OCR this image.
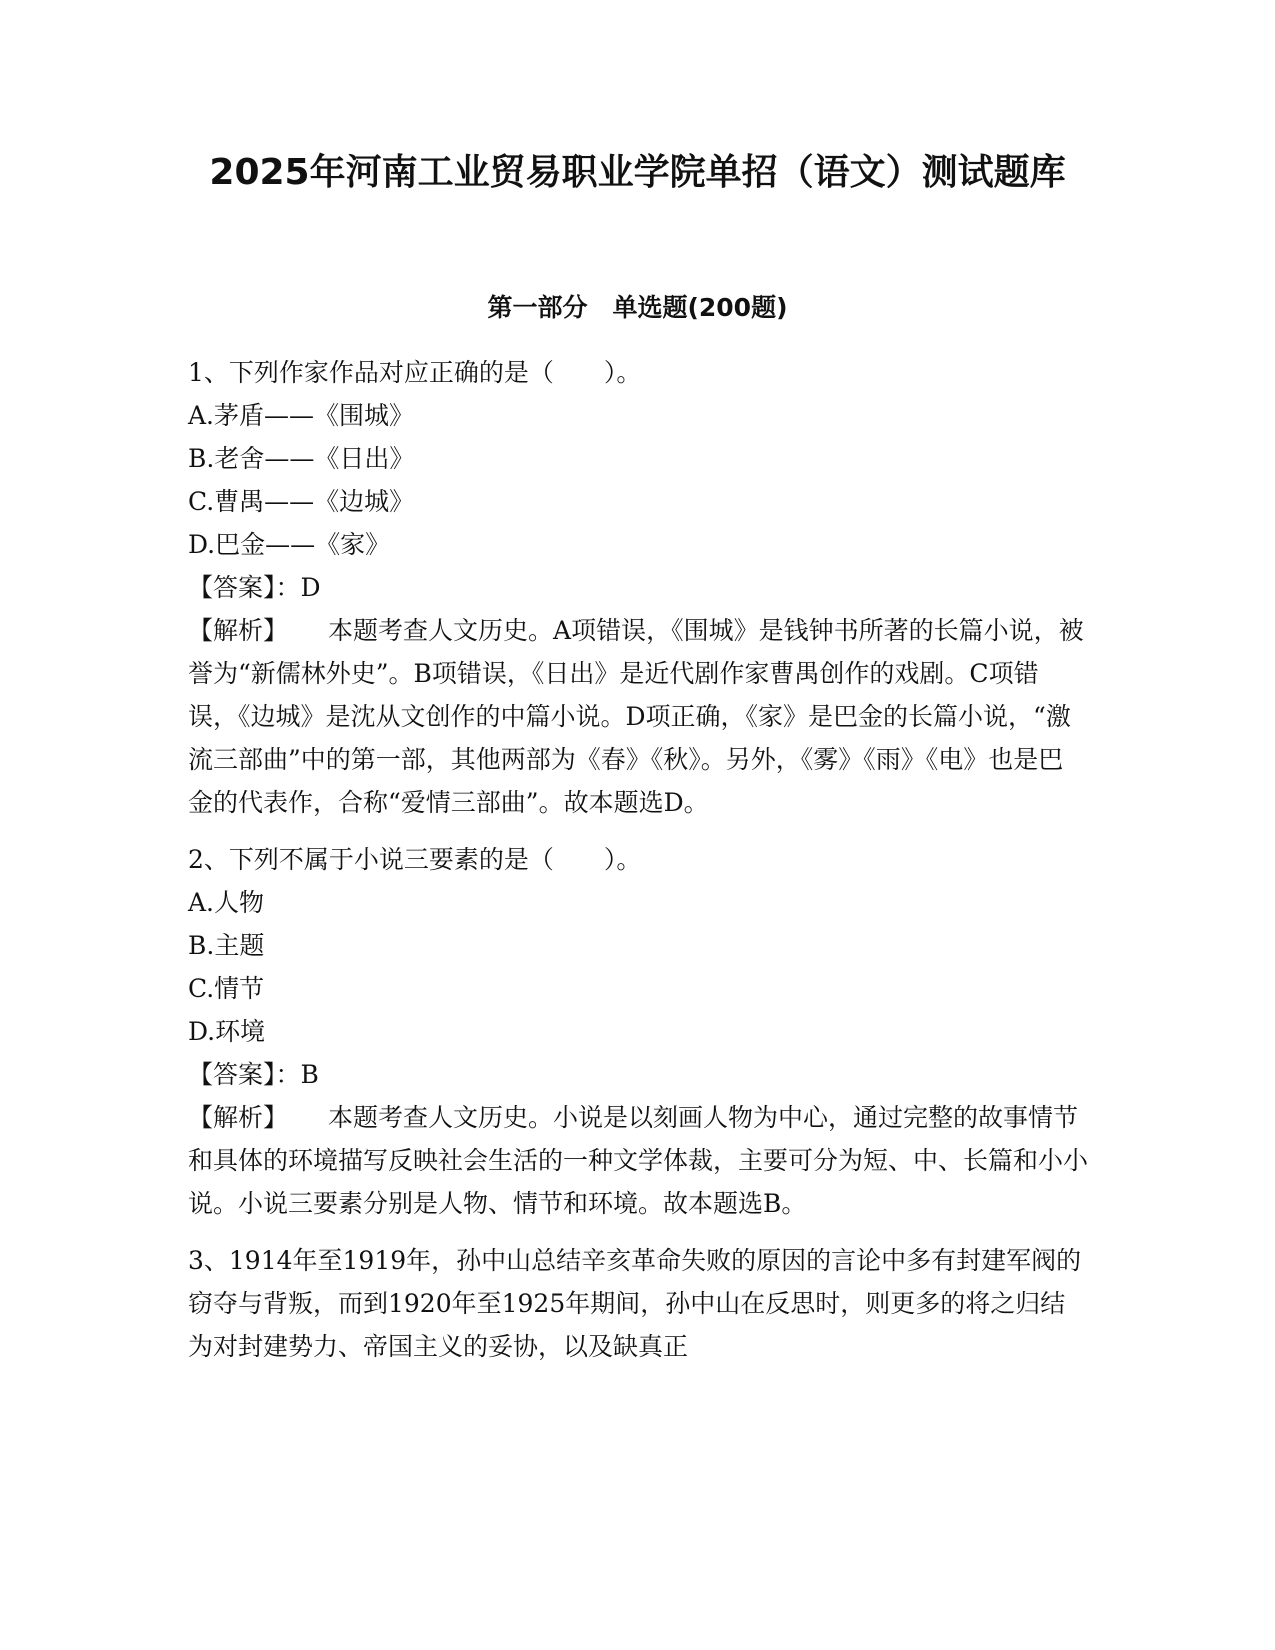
2025年河南工业贸易职业学院单招（语文）测试题库
第一部分　单选题(200题)
1、下列作家作品对应正确的是（　　）。
A.茅盾——《围城》
B.老舍——《日出》
C.曹禺——《边城》
D.巴金——《家》
【答案】：D
【解析】 本题考查人文历史。A项错误，《围城》是钱钟书所著的长篇小说，被誉为“新儒林外史”。B项错误，《日出》是近代剧作家曹禺创作的戏剧。C项错误，《边城》是沈从文创作的中篇小说。D项正确，《家》是巴金的长篇小说，“激流三部曲”中的第一部，其他两部为《春》《秋》。另外，《雾》《雨》《电》也是巴金的代表作，合称“爱情三部曲”。故本题选D。
2、下列不属于小说三要素的是（　　）。
A.人物
B.主题
C.情节
D.环境
【答案】：B
【解析】 本题考查人文历史。小说是以刻画人物为中心，通过完整的故事情节和具体的环境描写反映社会生活的一种文学体裁，主要可分为短、中、长篇和小小说。小说三要素分别是人物、情节和环境。故本题选B。
3、1914年至1919年，孙中山总结辛亥革命失败的原因的言论中多有封建军阀的窃夺与背叛，而到1920年至1925年期间，孙中山在反思时，则更多的将之归结为对封建势力、帝国主义的妥协，以及缺真正
